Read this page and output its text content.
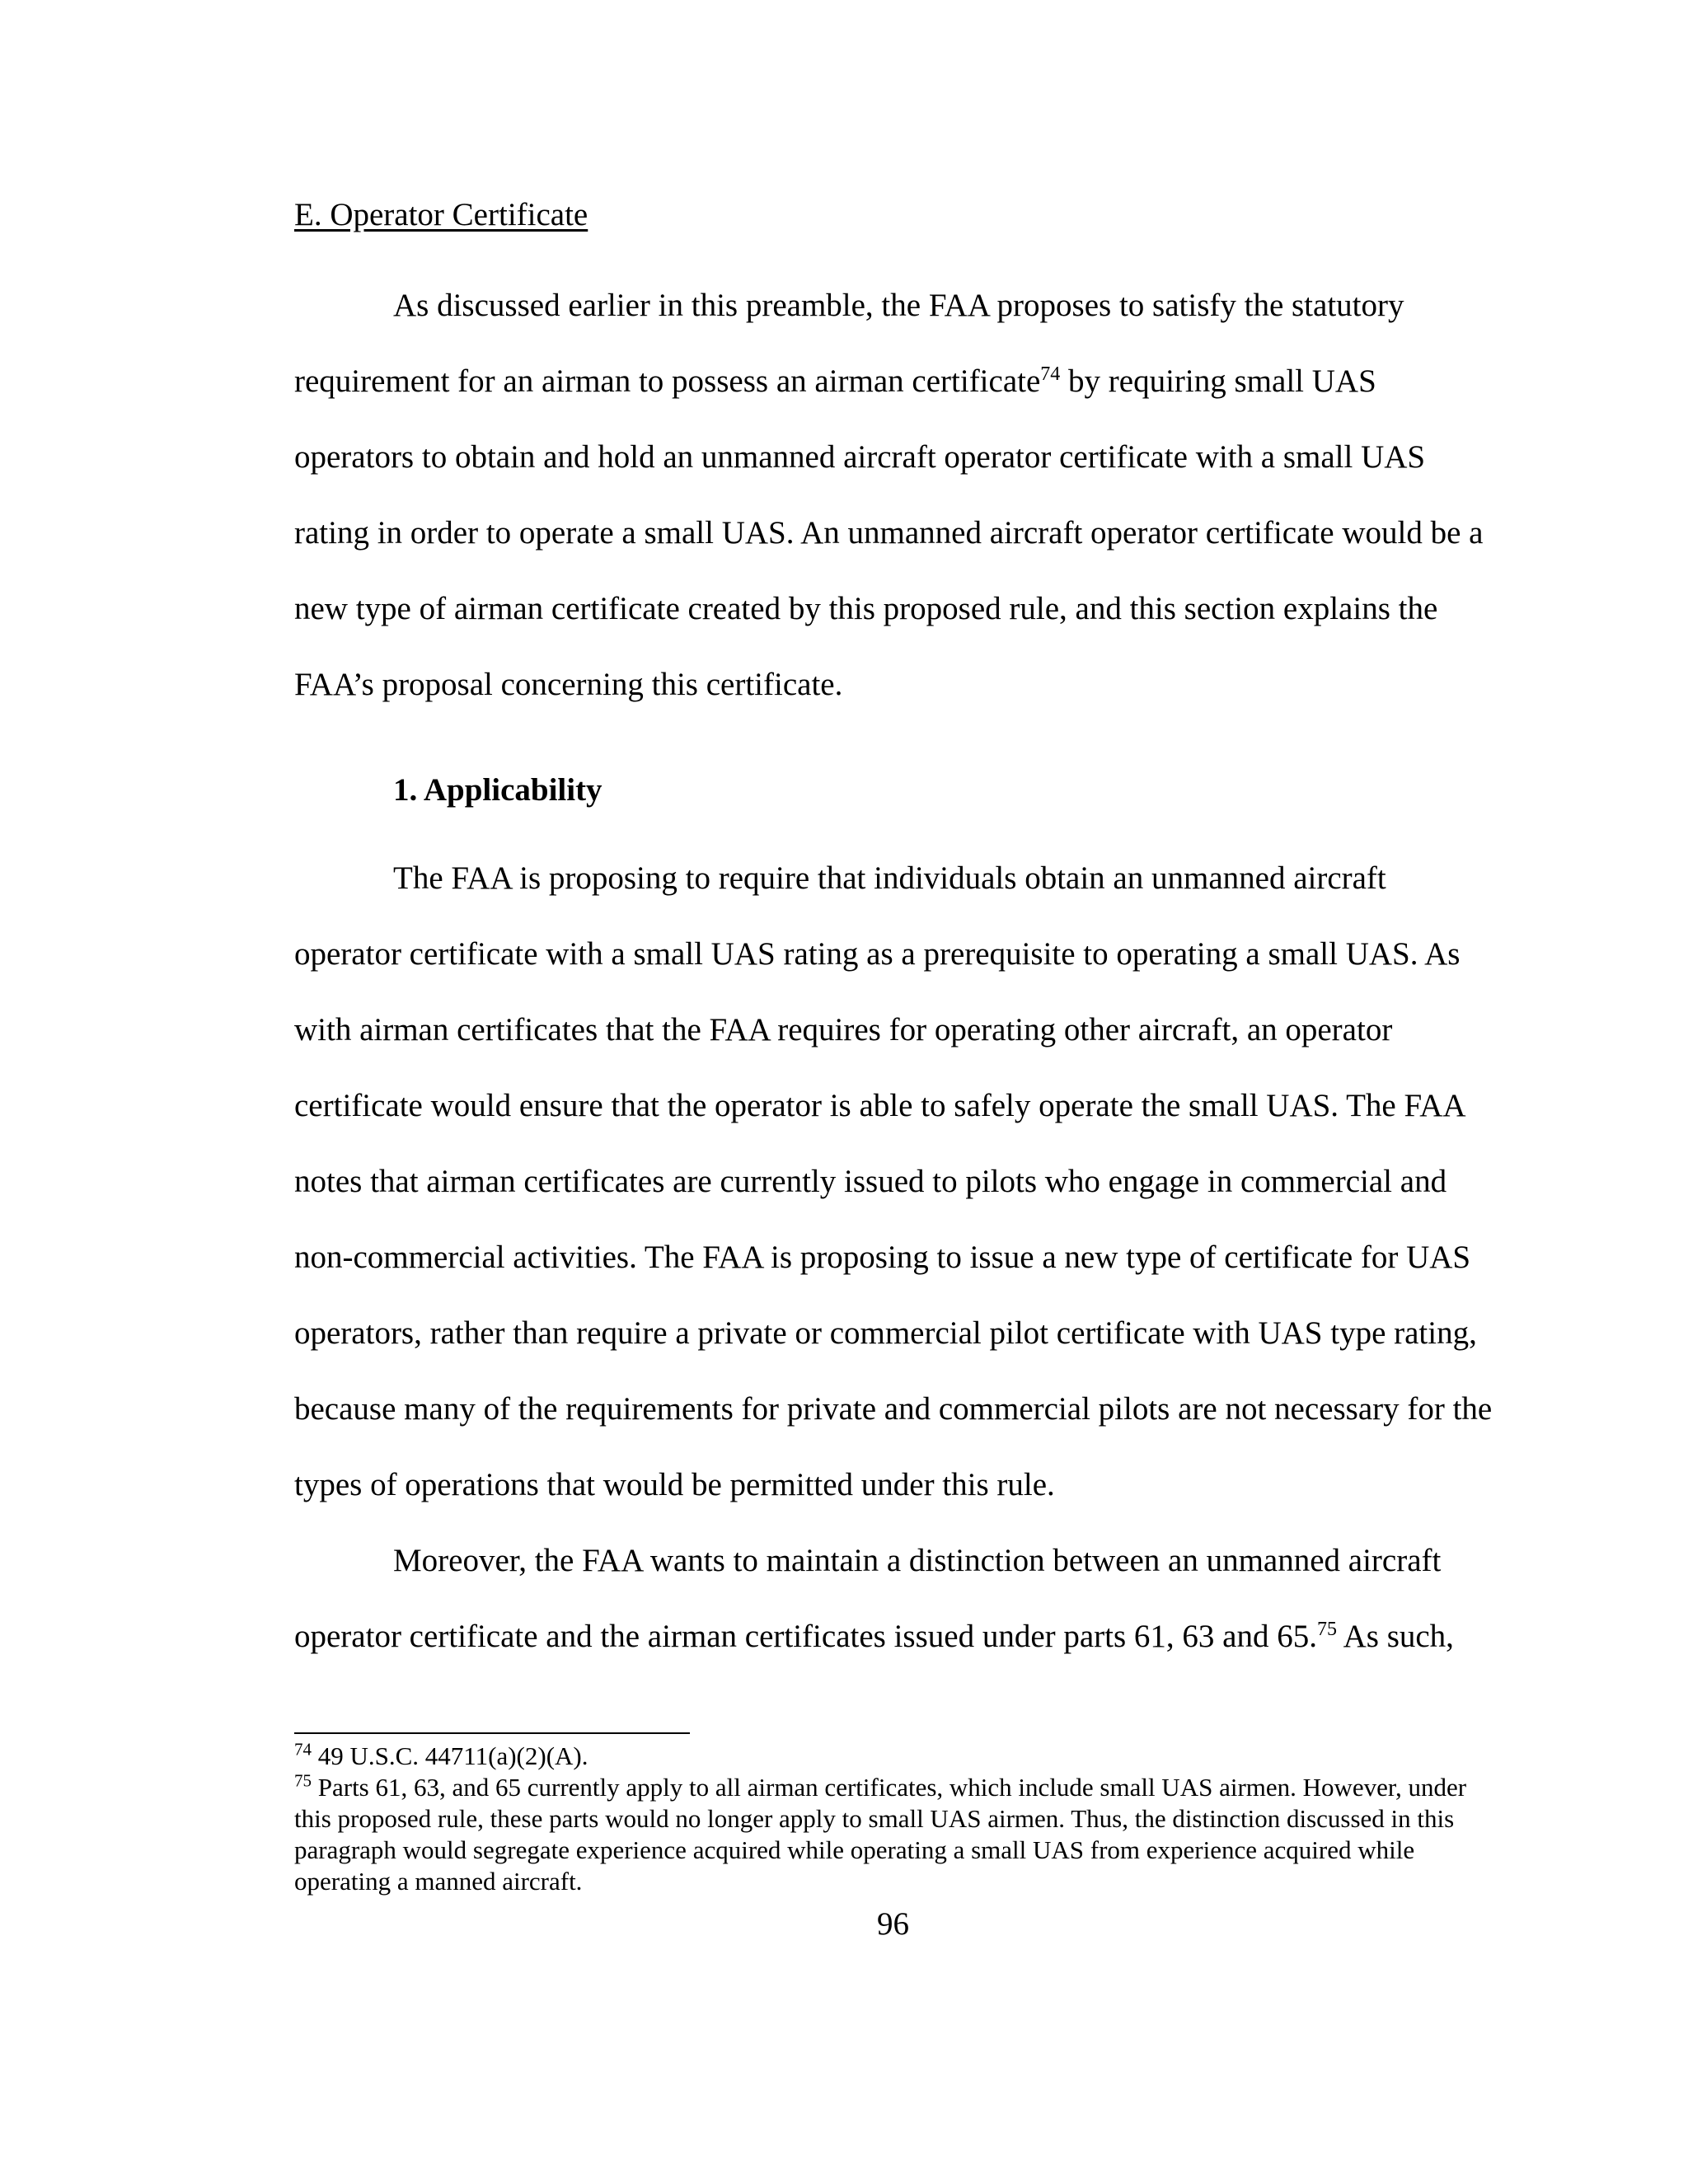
E. Operator Certificate

As discussed earlier in this preamble, the FAA proposes to satisfy the statutory requirement for an airman to possess an airman certificate$^{74}$ by requiring small UAS operators to obtain and hold an unmanned aircraft operator certificate with a small UAS rating in order to operate a small UAS. An unmanned aircraft operator certificate would be a new type of airman certificate created by this proposed rule, and this section explains the FAA’s proposal concerning this certificate.

1. Applicability

The FAA is proposing to require that individuals obtain an unmanned aircraft operator certificate with a small UAS rating as a prerequisite to operating a small UAS. As with airman certificates that the FAA requires for operating other aircraft, an operator certificate would ensure that the operator is able to safely operate the small UAS. The FAA notes that airman certificates are currently issued to pilots who engage in commercial and non-commercial activities. The FAA is proposing to issue a new type of certificate for UAS operators, rather than require a private or commercial pilot certificate with UAS type rating, because many of the requirements for private and commercial pilots are not necessary for the types of operations that would be permitted under this rule.

Moreover, the FAA wants to maintain a distinction between an unmanned aircraft operator certificate and the airman certificates issued under parts 61, 63 and 65.75 As such,

$^{74}$ 49 U.S.C. 44711(a)(2)(A).

$^{75}$ Parts 61, 63, and 65 currently apply to all airman certificates, which include small UAS airmen. However, under this proposed rule, these parts would no longer apply to small UAS airmen. Thus, the distinction discussed in this paragraph would segregate experience acquired while operating a small UAS from experience acquired while operating a manned aircraft.

96
